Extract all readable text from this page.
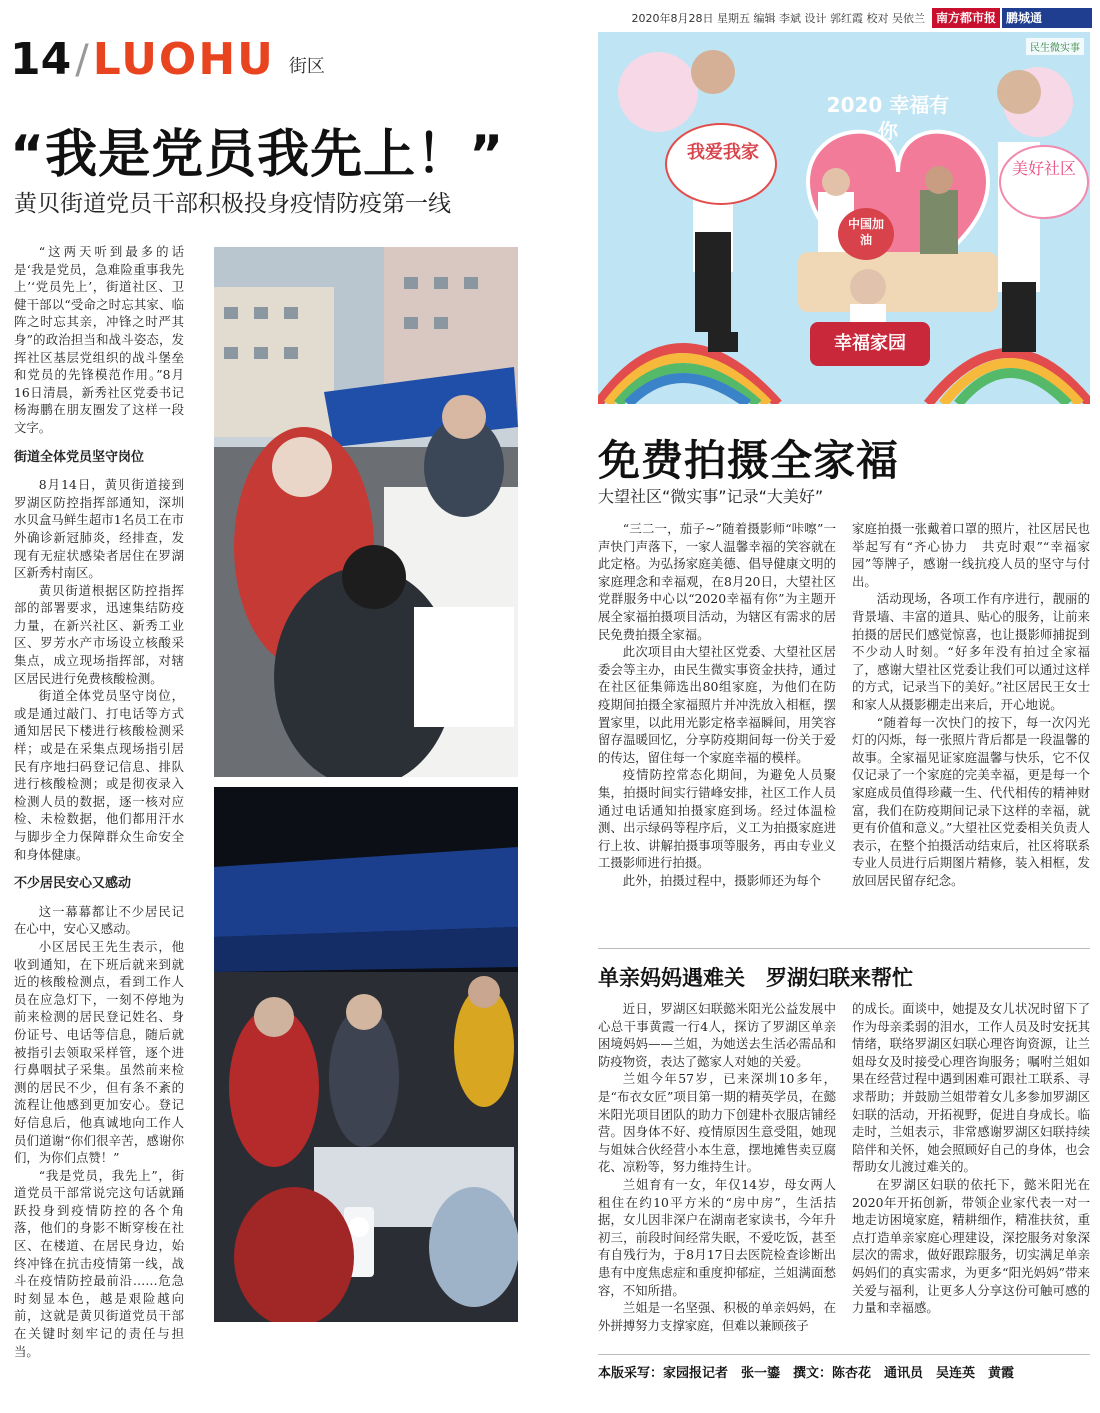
2020年8月28日 星期五 编辑 李斌 设计 郭红霞 校对 吴依兰 南方都市报 鹏城通
14 / LUOHU 街区
“我是党员我先上！”
黄贝街道党员干部积极投身疫情防疫第一线

“这两天听到最多的话是‘我是党员，急难险重事我先上’‘党员先上’，街道社区、卫健干部以“受命之时忘其家、临阵之时忘其亲，冲锋之时严其身”的政治担当和战斗姿态，发挥社区基层党组织的战斗堡垒和党员的先锋模范作用。”8月16日清晨，新秀社区党委书记杨海鹏在朋友圈发了这样一段文字。

街道全体党员坚守岗位

8月14日，黄贝街道接到罗湖区防控指挥部通知，深圳水贝盒马鲜生超市1名员工在市外确诊新冠肺炎，经排查，发现有无症状感染者居住在罗湖区新秀村南区。

黄贝街道根据区防控指挥部的部署要求，迅速集结防疫力量，在新兴社区、新秀工业区、罗芳水产市场设立核酸采集点，成立现场指挥部，对辖区居民进行免费核酸检测。

街道全体党员坚守岗位，或是通过敲门、打电话等方式通知居民下楼进行核酸检测采样；或是在采集点现场指引居民有序地扫码登记信息、排队进行核酸检测；或是彻夜录入检测人员的数据，逐一核对应检、未检数据，他们都用汗水与脚步全力保障群众生命安全和身体健康。

不少居民安心又感动

这一幕幕都让不少居民记在心中，安心又感动。

小区居民王先生表示，他收到通知，在下班后就来到就近的核酸检测点，看到工作人员在应急灯下，一刻不停地为前来检测的居民登记姓名、身份证号、电话等信息，随后就被指引去领取采样管，逐个进行鼻咽拭子采集。虽然前来检测的居民不少，但有条不紊的流程让他感到更加安心。登记好信息后，他真诚地向工作人员们道谢“你们很辛苦，感谢你们，为你们点赞！”

“我是党员，我先上”，街道党员干部常说完这句话就踊跃投身到疫情防控的各个角落，他们的身影不断穿梭在社区、在楼道、在居民身边，始终冲锋在抗击疫情第一线，战斗在疫情防控最前沿……危急时刻显本色，越是艰险越向前，这就是黄贝街道党员干部在关键时刻牢记的责任与担当。

2020 幸福有你
我爱我家
美好社区
中国加油
幸福家园
民生微实事
免费拍摄全家福
大望社区“微实事”记录“大美好”

“三二一，茄子~”随着摄影师“咔嚓”一声快门声落下，一家人温馨幸福的笑容就在此定格。为弘扬家庭美德、倡导健康文明的家庭理念和幸福观，在8月20日，大望社区党群服务中心以“2020幸福有你”为主题开展全家福拍摄项目活动，为辖区有需求的居民免费拍摄全家福。

此次项目由大望社区党委、大望社区居委会等主办，由民生微实事资金扶持，通过在社区征集筛选出80组家庭，为他们在防疫期间拍摄全家福照片并冲洗放入相框，摆置家里，以此用光影定格幸福瞬间，用笑容留存温暖回忆，分享防疫期间每一份关于爱的传达，留住每一个家庭幸福的模样。

疫情防控常态化期间，为避免人员聚集，拍摄时间实行错峰安排，社区工作人员通过电话通知拍摄家庭到场。经过体温检测、出示绿码等程序后，义工为拍摄家庭进行上妆、讲解拍摄事项等服务，再由专业义工摄影师进行拍摄。

此外，拍摄过程中，摄影师还为每个

家庭拍摄一张戴着口罩的照片，社区居民也举起写有“齐心协力　共克时艰”“幸福家园”等牌子，感谢一线抗疫人员的坚守与付出。

活动现场，各项工作有序进行，靓丽的背景墙、丰富的道具、贴心的服务，让前来拍摄的居民们感觉惊喜，也让摄影师捕捉到不少动人时刻。“好多年没有拍过全家福了，感谢大望社区党委让我们可以通过这样的方式，记录当下的美好。”社区居民王女士和家人从摄影棚走出来后，开心地说。

“随着每一次快门的按下，每一次闪光灯的闪烁，每一张照片背后都是一段温馨的故事。全家福见证家庭温馨与快乐，它不仅仅记录了一个家庭的完美幸福，更是每一个家庭成员值得珍藏一生、代代相传的精神财富，我们在防疫期间记录下这样的幸福，就更有价值和意义。”大望社区党委相关负责人表示，在整个拍摄活动结束后，社区将联系专业人员进行后期图片精修，装入相框，发放回居民留存纪念。

单亲妈妈遇难关　罗湖妇联来帮忙

近日，罗湖区妇联懿米阳光公益发展中心总干事黄霞一行4人，探访了罗湖区单亲困境妈妈——兰姐，为她送去生活必需品和防疫物资，表达了懿家人对她的关爱。

兰姐今年57岁，已来深圳10多年，是“布衣女匠”项目第一期的精英学员，在懿米阳光项目团队的助力下创建朴衣服店铺经营。因身体不好、疫情原因生意受阻，她现与姐妹合伙经营小本生意，摆地摊售卖豆腐花、凉粉等，努力维持生计。

兰姐育有一女，年仅14岁，母女两人租住在约10平方米的“房中房”，生活拮据，女儿因非深户在湖南老家读书，今年升初三，前段时间经常失眠，不爱吃饭，甚至有自残行为，于8月17日去医院检查诊断出患有中度焦虑症和重度抑郁症，兰姐满面愁容，不知所措。

兰姐是一名坚强、积极的单亲妈妈，在外拼搏努力支撑家庭，但难以兼顾孩子

的成长。面谈中，她提及女儿状况时留下了作为母亲柔弱的泪水，工作人员及时安抚其情绪，联络罗湖区妇联心理咨询资源，让兰姐母女及时接受心理咨询服务；嘱咐兰姐如果在经营过程中遇到困难可跟社工联系、寻求帮助；并鼓励兰姐带着女儿多参加罗湖区妇联的活动，开拓视野，促进自身成长。临走时，兰姐表示，非常感谢罗湖区妇联持续陪伴和关怀，她会照顾好自己的身体，也会帮助女儿渡过难关的。

在罗湖区妇联的依托下，懿米阳光在2020年开拓创新，带领企业家代表一对一地走访困境家庭，精耕细作，精准扶贫，重点打造单亲家庭心理建设，深挖服务对象深层次的需求，做好跟踪服务，切实满足单亲妈妈们的真实需求，为更多“阳光妈妈”带来关爱与福利，让更多人分享这份可触可感的力量和幸福感。

本版采写：家园报记者　张一鎏　撰文：陈杏花　通讯员　吴连英　黄霞
